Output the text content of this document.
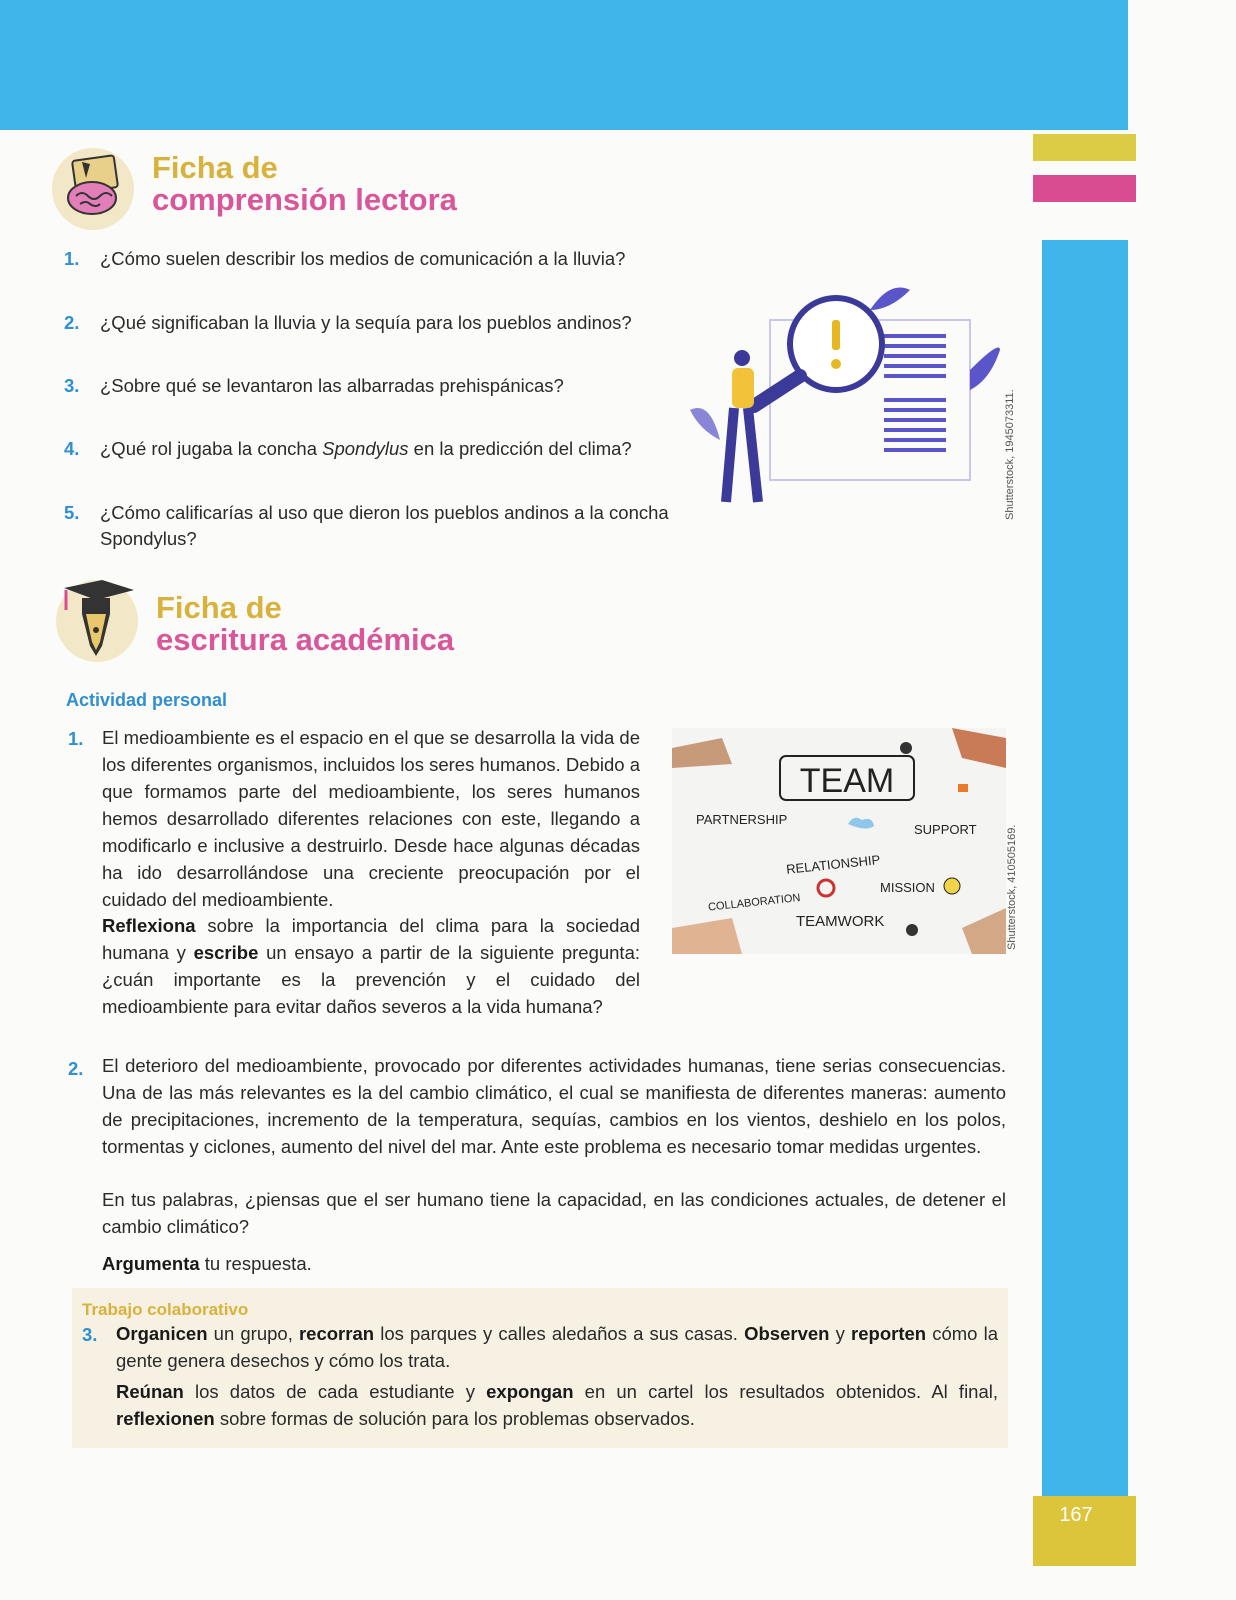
167
Shutterstock, 1945073311.
Shutterstock, 410505169.
Ficha de
comprensión lectora
1. ¿Cómo suelen describir los medios de comunicación a la lluvia?
2. ¿Qué significaban la lluvia y la sequía para los pueblos andinos?
3. ¿Sobre qué se levantaron las albarradas prehispánicas?
4. ¿Qué rol jugaba la concha Spondylus en la predicción del clima?
5. ¿Cómo calificarías al uso que dieron los pueblos andinos a la concha Spondylus?
Ficha de
escritura académica
Actividad personal
1. El medioambiente es el espacio en el que se desarrolla la vida de los diferentes organismos, incluidos los seres humanos. Debido a que formamos parte del medioambiente, los seres humanos hemos desarrollado diferentes relaciones con este, llegando a modificarlo e inclusive a destruirlo. Desde hace algunas décadas ha ido desarrollándose una creciente preocupación por el cuidado del medioambiente.
Reflexiona sobre la importancia del clima para la sociedad humana y escribe un ensayo a partir de la siguiente pregunta: ¿cuán importante es la prevención y el cuidado del medioambiente para evitar daños severos a la vida humana?
TEAM
PARTNERSHIP
SUPPORT
RELATIONSHIP
COLLABORATION
MISSION
TEAMWORK
2. El deterioro del medioambiente, provocado por diferentes actividades humanas, tiene serias consecuencias. Una de las más relevantes es la del cambio climático, el cual se manifiesta de diferentes maneras: aumento de precipitaciones, incremento de la temperatura, sequías, cambios en los vientos, deshielo en los polos, tormentas y ciclones, aumento del nivel del mar. Ante este problema es necesario tomar medidas urgentes.
En tus palabras, ¿piensas que el ser humano tiene la capacidad, en las condiciones actuales, de detener el cambio climático?
Argumenta tu respuesta.
Trabajo colaborativo
3. Organicen un grupo, recorran los parques y calles aledaños a sus casas. Observen y reporten cómo la gente genera desechos y cómo los trata.
Reúnan los datos de cada estudiante y expongan en un cartel los resultados obtenidos. Al final, reflexionen sobre formas de solución para los problemas observados.
